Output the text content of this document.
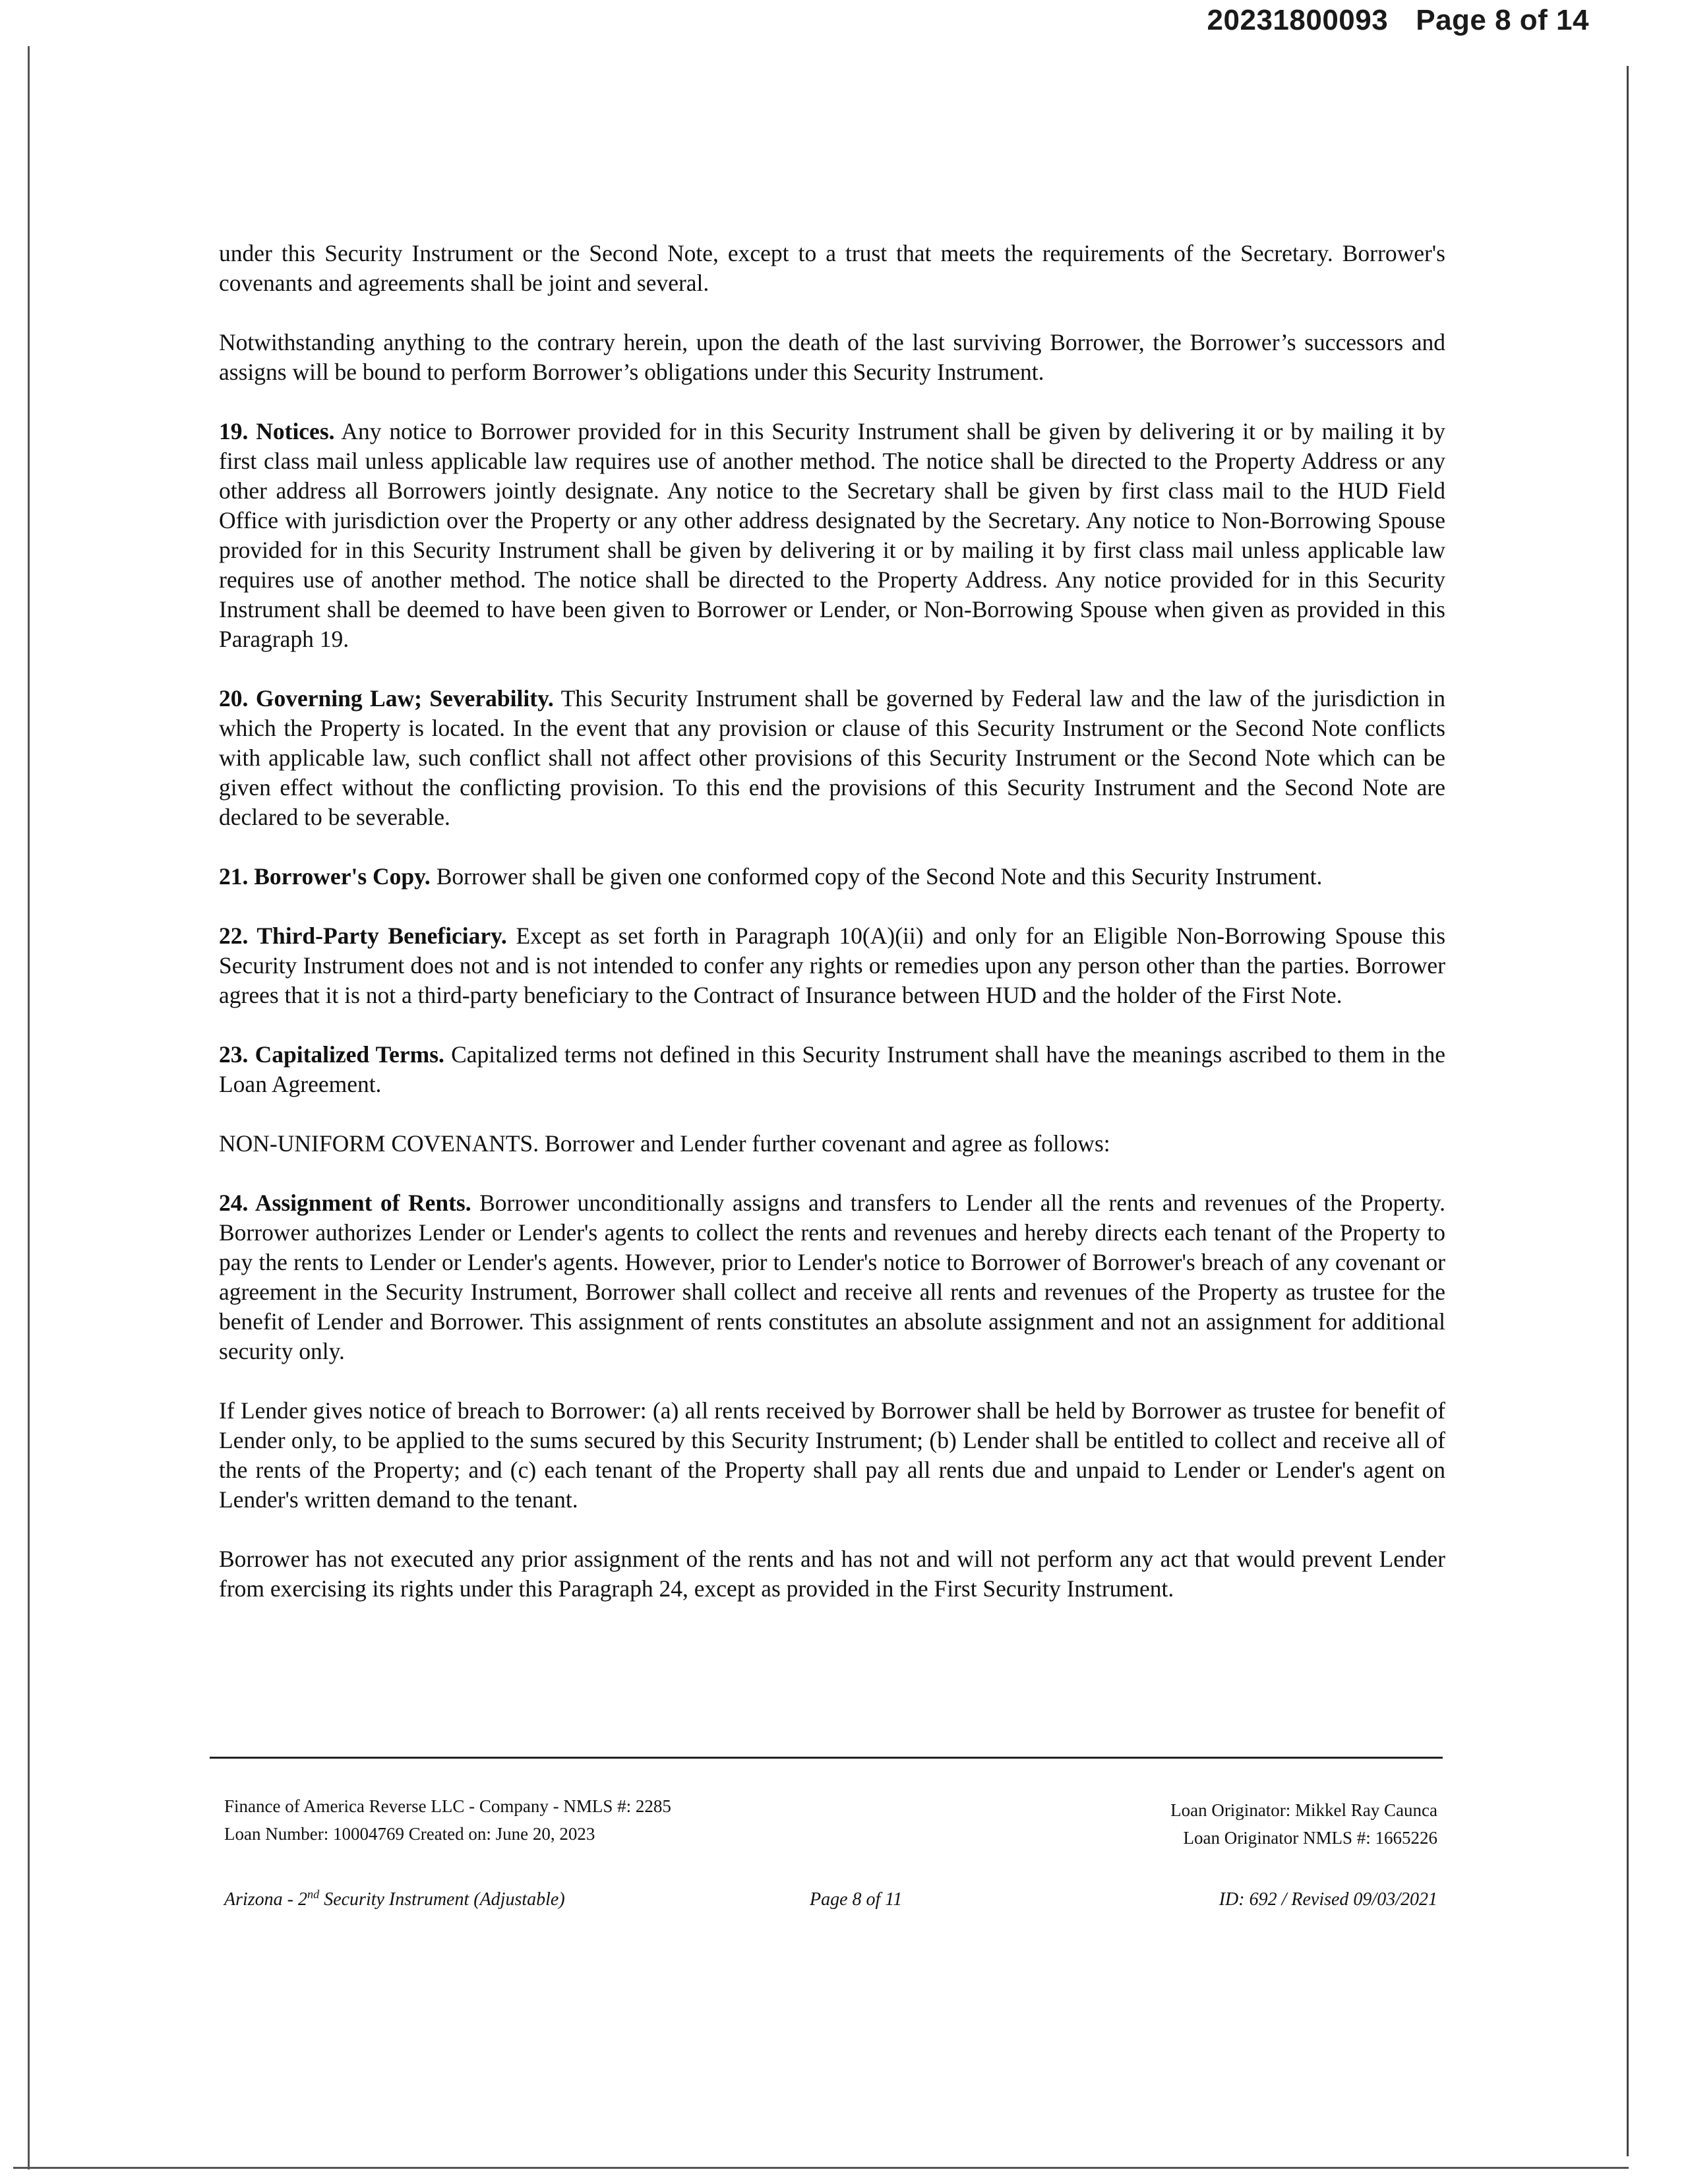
20231800093 Page 8 of 14

under this Security Instrument or the Second Note, except to a trust that meets the requirements of the Secretary. Borrower's covenants and agreements shall be joint and several.

Notwithstanding anything to the contrary herein, upon the death of the last surviving Borrower, the Borrower’s successors and assigns will be bound to perform Borrower’s obligations under this Security Instrument.

19. Notices. Any notice to Borrower provided for in this Security Instrument shall be given by delivering it or by mailing it by first class mail unless applicable law requires use of another method. The notice shall be directed to the Property Address or any other address all Borrowers jointly designate. Any notice to the Secretary shall be given by first class mail to the HUD Field Office with jurisdiction over the Property or any other address designated by the Secretary. Any notice to Non-Borrowing Spouse provided for in this Security Instrument shall be given by delivering it or by mailing it by first class mail unless applicable law requires use of another method. The notice shall be directed to the Property Address. Any notice provided for in this Security Instrument shall be deemed to have been given to Borrower or Lender, or Non-Borrowing Spouse when given as provided in this Paragraph 19.

20. Governing Law; Severability. This Security Instrument shall be governed by Federal law and the law of the jurisdiction in which the Property is located. In the event that any provision or clause of this Security Instrument or the Second Note conflicts with applicable law, such conflict shall not affect other provisions of this Security Instrument or the Second Note which can be given effect without the conflicting provision. To this end the provisions of this Security Instrument and the Second Note are declared to be severable.

21. Borrower's Copy. Borrower shall be given one conformed copy of the Second Note and this Security Instrument.

22. Third-Party Beneficiary. Except as set forth in Paragraph 10(A)(ii) and only for an Eligible Non-Borrowing Spouse this Security Instrument does not and is not intended to confer any rights or remedies upon any person other than the parties. Borrower agrees that it is not a third-party beneficiary to the Contract of Insurance between HUD and the holder of the First Note.

23. Capitalized Terms. Capitalized terms not defined in this Security Instrument shall have the meanings ascribed to them in the Loan Agreement.

NON-UNIFORM COVENANTS. Borrower and Lender further covenant and agree as follows:

24. Assignment of Rents. Borrower unconditionally assigns and transfers to Lender all the rents and revenues of the Property. Borrower authorizes Lender or Lender's agents to collect the rents and revenues and hereby directs each tenant of the Property to pay the rents to Lender or Lender's agents. However, prior to Lender's notice to Borrower of Borrower's breach of any covenant or agreement in the Security Instrument, Borrower shall collect and receive all rents and revenues of the Property as trustee for the benefit of Lender and Borrower. This assignment of rents constitutes an absolute assignment and not an assignment for additional security only.

If Lender gives notice of breach to Borrower: (a) all rents received by Borrower shall be held by Borrower as trustee for benefit of Lender only, to be applied to the sums secured by this Security Instrument; (b) Lender shall be entitled to collect and receive all of the rents of the Property; and (c) each tenant of the Property shall pay all rents due and unpaid to Lender or Lender's agent on Lender's written demand to the tenant.

Borrower has not executed any prior assignment of the rents and has not and will not perform any act that would prevent Lender from exercising its rights under this Paragraph 24, except as provided in the First Security Instrument.

Finance of America Reverse LLC - Company - NMLS #: 2285
Loan Number: 10004769 Created on: June 20, 2023
Loan Originator: Mikkel Ray Caunca
Loan Originator NMLS #: 1665226
Arizona - 2nd Security Instrument (Adjustable)	Page 8 of 11	ID: 692 / Revised 09/03/2021
